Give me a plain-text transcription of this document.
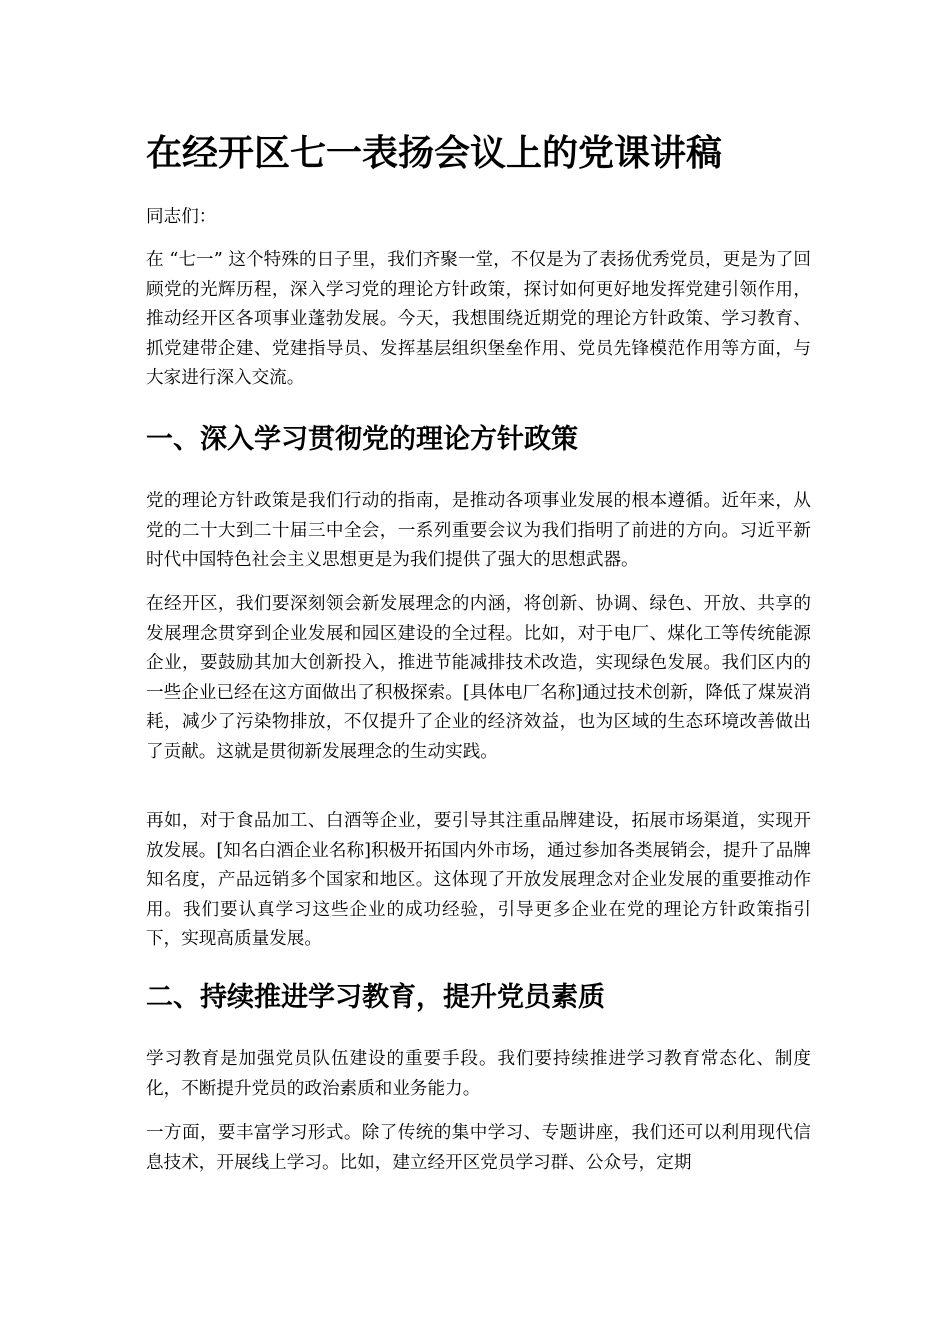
在经开区七一表扬会议上的党课讲稿

同志们：

在 “七一” 这个特殊的日子里，我们齐聚一堂，不仅是为了表扬优秀党员，更是为了回顾党的光辉历程，深入学习党的理论方针政策，探讨如何更好地发挥党建引领作用，推动经开区各项事业蓬勃发展。今天，我想围绕近期党的理论方针政策、学习教育、抓党建带企建、党建指导员、发挥基层组织堡垒作用、党员先锋模范作用等方面，与大家进行深入交流。

一、深入学习贯彻党的理论方针政策

党的理论方针政策是我们行动的指南，是推动各项事业发展的根本遵循。近年来，从党的二十大到二十届三中全会，一系列重要会议为我们指明了前进的方向。习近平新时代中国特色社会主义思想更是为我们提供了强大的思想武器。

在经开区，我们要深刻领会新发展理念的内涵，将创新、协调、绿色、开放、共享的发展理念贯穿到企业发展和园区建设的全过程。比如，对于电厂、煤化工等传统能源企业，要鼓励其加大创新投入，推进节能减排技术改造，实现绿色发展。我们区内的一些企业已经在这方面做出了积极探索。[具体电厂名称]通过技术创新，降低了煤炭消耗，减少了污染物排放，不仅提升了企业的经济效益，也为区域的生态环境改善做出了贡献。这就是贯彻新发展理念的生动实践。

再如，对于食品加工、白酒等企业，要引导其注重品牌建设，拓展市场渠道，实现开放发展。[知名白酒企业名称]积极开拓国内外市场，通过参加各类展销会，提升了品牌知名度，产品远销多个国家和地区。这体现了开放发展理念对企业发展的重要推动作用。我们要认真学习这些企业的成功经验，引导更多企业在党的理论方针政策指引下，实现高质量发展。

二、持续推进学习教育，提升党员素质

学习教育是加强党员队伍建设的重要手段。我们要持续推进学习教育常态化、制度化，不断提升党员的政治素质和业务能力。

一方面，要丰富学习形式。除了传统的集中学习、专题讲座，我们还可以利用现代信息技术，开展线上学习。比如，建立经开区党员学习群、公众号，定期
